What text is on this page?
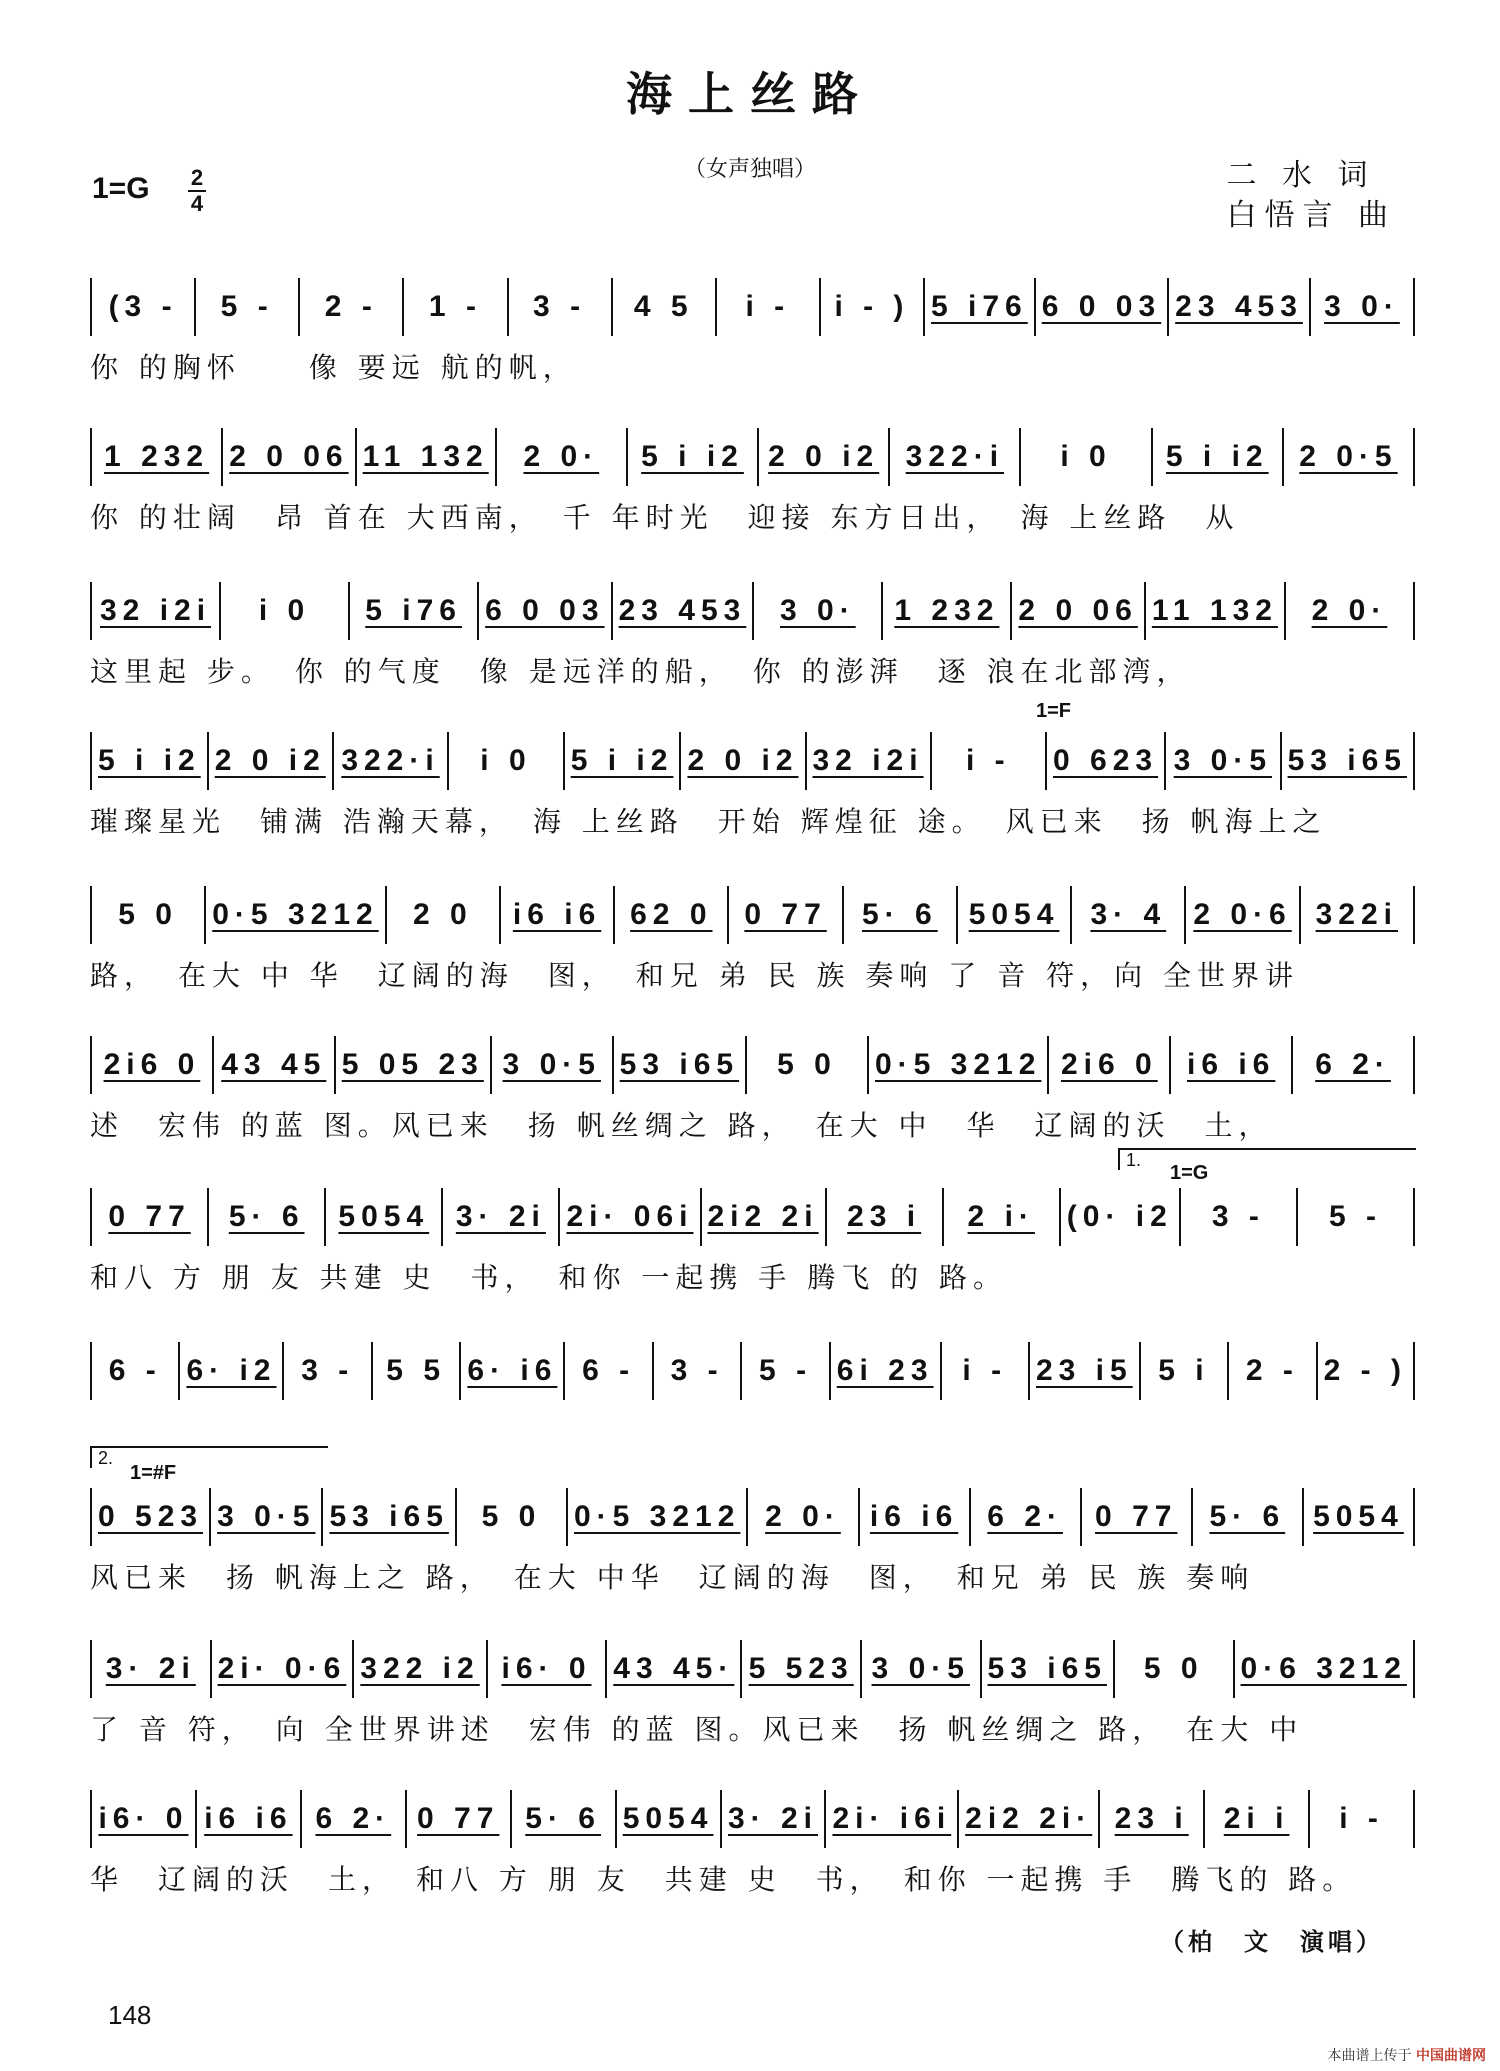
海上丝路
（女声独唱）
1=G 2
4
二 水 词
白悟言 曲
(3 - 5 - 2 - 1 - 3 - 4 5 i - i - ) 5 i76 6 0 03 23 453 3 0·
你 的胸怀　　像 要远 航的帆，
1 232 2 0 06 11 132 2 0· 5 i i2 2 0 i2 322·i i 0 5 i i2 2 0·5
你 的壮阔　昂 首在 大西南，　千 年时光　迎接 东方日出，　海 上丝路　从
32 i2i i 0 5 i76 6 0 03 23 453 3 0· 1 232 2 0 06 11 132 2 0·
这里起 步。　你 的气度　像 是远洋的船，　你 的澎湃　逐 浪在北部湾，
1=F
5 i i2 2 0 i2 322·i i 0 5 i i2 2 0 i2 32 i2i i - 0 623 3 0·5 53 i65
璀璨星光　铺满 浩瀚天幕，　海 上丝路　开始 辉煌征 途。　风已来　扬 帆海上之
5 0 0·5 3212 2 0 i6 i6 62 0 0 77 5· 6 5054 3· 4 2 0·6 322i
路，　在大 中 华　辽阔的海　图，　和兄 弟 民 族 奏响 了 音 符，向 全世界讲
2i6 0 43 45 5 05 23 3 0·5 53 i65 5 0 0·5 3212 2i6 0 i6 i6 6 2·
述　宏伟 的蓝 图。风已来　扬 帆丝绸之 路，　在大 中　华　辽阔的沃　土，
1.
1=G
0 77 5· 6 5054 3· 2i 2i· 06i 2i2 2i 23 i 2 i· (0· i2 3 - 5 -
和八 方 朋 友 共建 史　书，　和你 一起携 手 腾飞 的 路。
6 - 6· i2 3 - 5 5 6· i6 6 - 3 - 5 - 6i 23 i - 23 i5 5 i 2 - 2 - )
2.
1=#F
0 523 3 0·5 53 i65 5 0 0·5 3212 2 0· i6 i6 6 2· 0 77 5· 6 5054
风已来　扬 帆海上之 路，　在大 中华　辽阔的海　图，　和兄 弟 民 族 奏响
3· 2i 2i· 0·6 322 i2 i6· 0 43 45· 5 523 3 0·5 53 i65 5 0 0·6 3212
了 音 符，　向 全世界讲述　宏伟 的蓝 图。风已来　扬 帆丝绸之 路，　在大 中
i6· 0 i6 i6 6 2· 0 77 5· 6 5054 3· 2i 2i· i6i 2i2 2i· 23 i 2i i i -
华　辽阔的沃　土，　和八 方 朋 友　共建 史　书，　和你 一起携 手　腾飞的 路。
（柏　文　演唱）
148
本曲谱上传于 中国曲谱网
